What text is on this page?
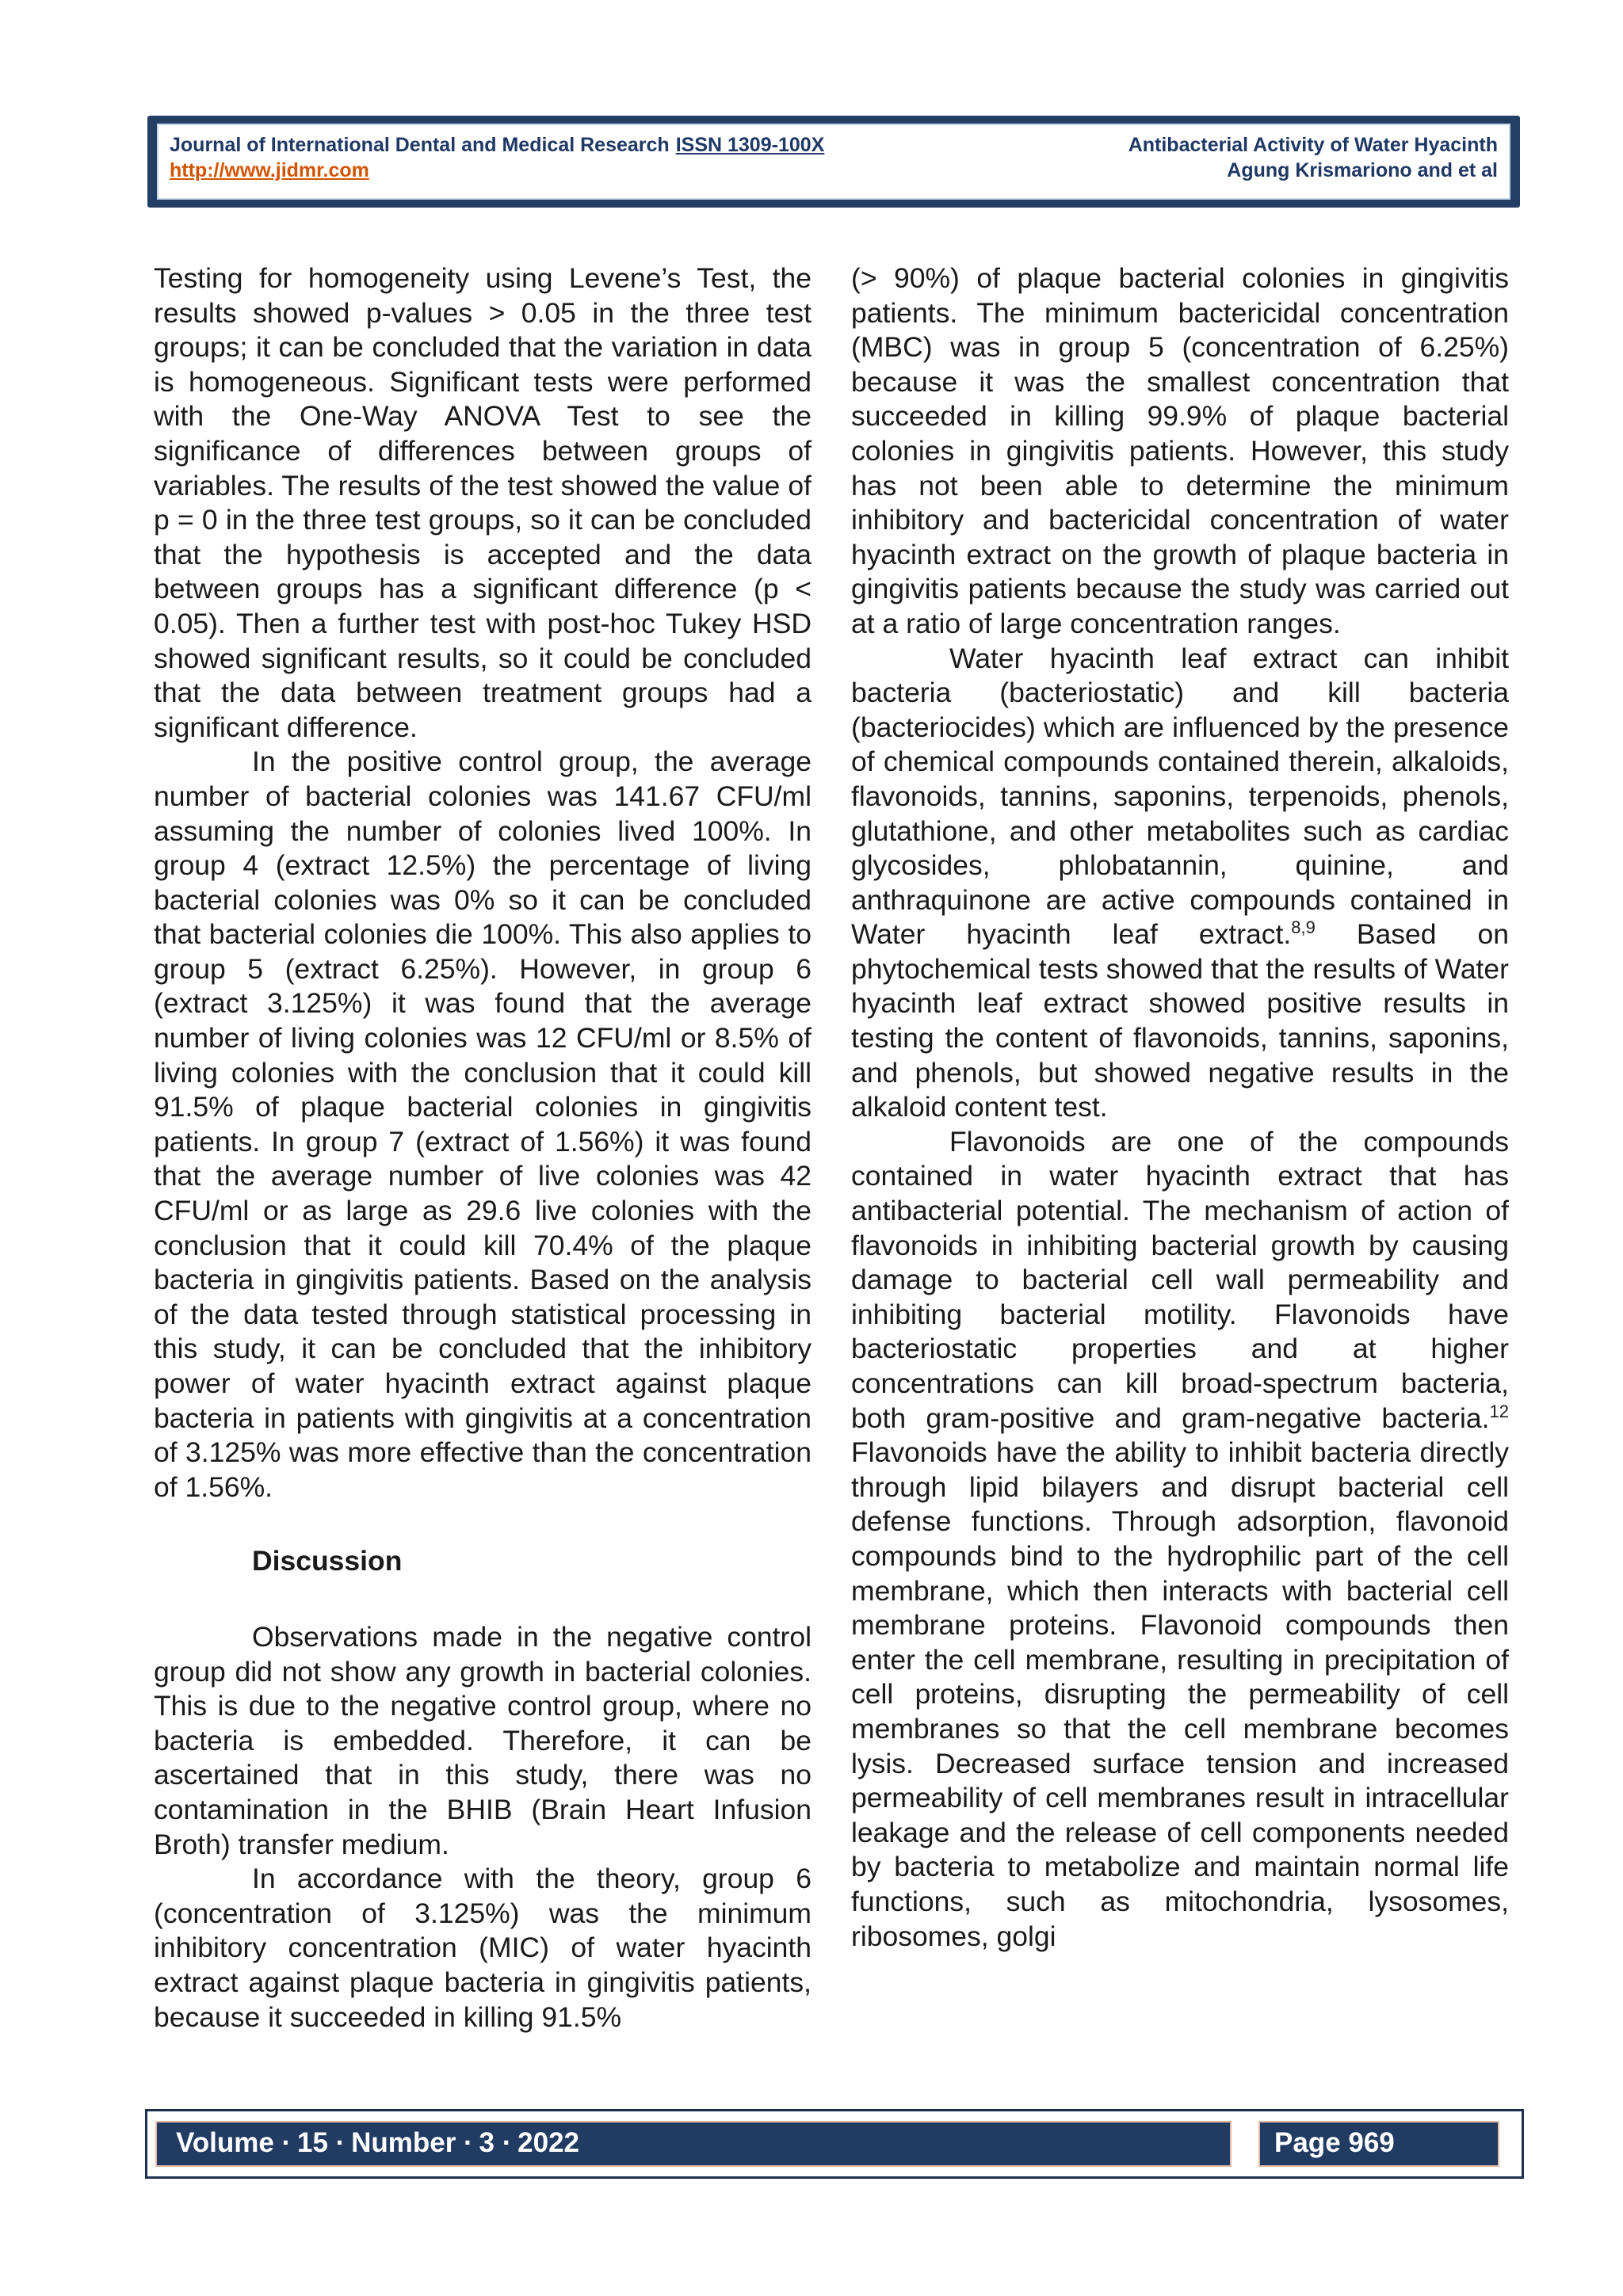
Journal of International Dental and Medical Research ISSN 1309-100X	Antibacterial Activity of Water Hyacinth
http://www.jidmr.com	Agung Krismariono and et al

Testing for homogeneity using Levene’s Test, the results showed p-values > 0.05 in the three test groups; it can be concluded that the variation in data is homogeneous. Significant tests were performed with the One-Way ANOVA Test to see the significance of differences between groups of variables. The results of the test showed the value of p = 0 in the three test groups, so it can be concluded that the hypothesis is accepted and the data between groups has a significant difference (p < 0.05). Then a further test with post-hoc Tukey HSD showed significant results, so it could be concluded that the data between treatment groups had a significant difference.

In the positive control group, the average number of bacterial colonies was 141.67 CFU/ml assuming the number of colonies lived 100%. In group 4 (extract 12.5%) the percentage of living bacterial colonies was 0% so it can be concluded that bacterial colonies die 100%. This also applies to group 5 (extract 6.25%). However, in group 6 (extract 3.125%) it was found that the average number of living colonies was 12 CFU/ml or 8.5% of living colonies with the conclusion that it could kill 91.5% of plaque bacterial colonies in gingivitis patients. In group 7 (extract of 1.56%) it was found that the average number of live colonies was 42 CFU/ml or as large as 29.6 live colonies with the conclusion that it could kill 70.4% of the plaque bacteria in gingivitis patients. Based on the analysis of the data tested through statistical processing in this study, it can be concluded that the inhibitory power of water hyacinth extract against plaque bacteria in patients with gingivitis at a concentration of 3.125% was more effective than the concentration of 1.56%.

Discussion

Observations made in the negative control group did not show any growth in bacterial colonies. This is due to the negative control group, where no bacteria is embedded. Therefore, it can be ascertained that in this study, there was no contamination in the BHIB (Brain Heart Infusion Broth) transfer medium.

In accordance with the theory, group 6 (concentration of 3.125%) was the minimum inhibitory concentration (MIC) of water hyacinth extract against plaque bacteria in gingivitis patients, because it succeeded in killing 91.5%

(> 90%) of plaque bacterial colonies in gingivitis patients. The minimum bactericidal concentration (MBC) was in group 5 (concentration of 6.25%) because it was the smallest concentration that succeeded in killing 99.9% of plaque bacterial colonies in gingivitis patients. However, this study has not been able to determine the minimum inhibitory and bactericidal concentration of water hyacinth extract on the growth of plaque bacteria in gingivitis patients because the study was carried out at a ratio of large concentration ranges.

Water hyacinth leaf extract can inhibit bacteria (bacteriostatic) and kill bacteria (bacteriocides) which are influenced by the presence of chemical compounds contained therein, alkaloids, flavonoids, tannins, saponins, terpenoids, phenols, glutathione, and other metabolites such as cardiac glycosides, phlobatannin, quinine, and anthraquinone are active compounds contained in Water hyacinth leaf extract.$^{8,9}$ Based on phytochemical tests showed that the results of Water hyacinth leaf extract showed positive results in testing the content of flavonoids, tannins, saponins, and phenols, but showed negative results in the alkaloid content test.

Flavonoids are one of the compounds contained in water hyacinth extract that has antibacterial potential. The mechanism of action of flavonoids in inhibiting bacterial growth by causing damage to bacterial cell wall permeability and inhibiting bacterial motility. Flavonoids have bacteriostatic properties and at higher concentrations can kill broad-spectrum bacteria, both gram-positive and gram-negative bacteria.$^{12}$ Flavonoids have the ability to inhibit bacteria directly through lipid bilayers and disrupt bacterial cell defense functions. Through adsorption, flavonoid compounds bind to the hydrophilic part of the cell membrane, which then interacts with bacterial cell membrane proteins. Flavonoid compounds then enter the cell membrane, resulting in precipitation of cell proteins, disrupting the permeability of cell membranes so that the cell membrane becomes lysis. Decreased surface tension and increased permeability of cell membranes result in intracellular leakage and the release of cell components needed by bacteria to metabolize and maintain normal life functions, such as mitochondria, lysosomes, ribosomes, golgi

Volume ∙ 15 ∙ Number ∙ 3 ∙ 2022	Page 969
